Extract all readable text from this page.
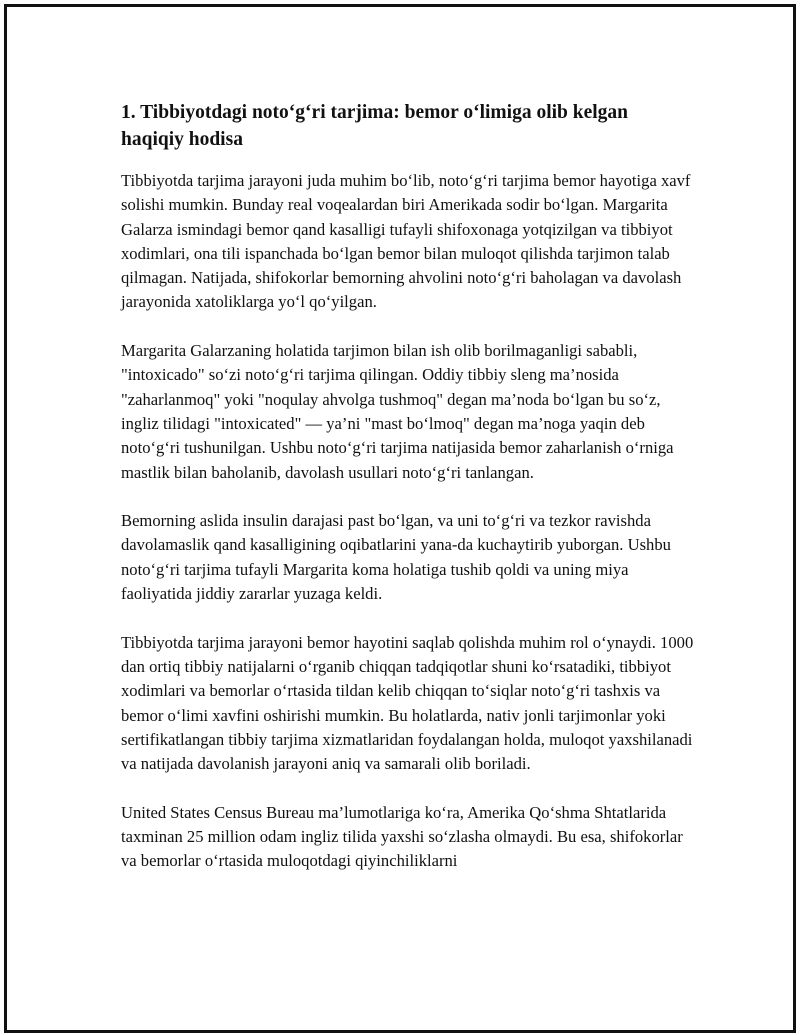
1. Tibbiyotdagi noto‘g‘ri tarjima: bemor o‘limiga olib kelgan haqiqiy hodisa

Tibbiyotda tarjima jarayoni juda muhim bo‘lib, noto‘g‘ri tarjima bemor hayotiga xavf solishi mumkin. Bunday real voqealardan biri Amerikada sodir bo‘lgan. Margarita Galarza ismindagi bemor qand kasalligi tufayli shifoxonaga yotqizilgan va tibbiyot xodimlari, ona tili ispanchada bo‘lgan bemor bilan muloqot qilishda tarjimon talab qilmagan. Natijada, shifokorlar bemorning ahvolini noto‘g‘ri baholagan va davolash jarayonida xatoliklarga yo‘l qo‘yilgan.

Margarita Galarzaning holatida tarjimon bilan ish olib borilmaganligi sababli, "intoxicado" so‘zi noto‘g‘ri tarjima qilingan. Oddiy tibbiy sleng ma’nosida "zaharlanmoq" yoki "noqulay ahvolga tushmoq" degan ma’noda bo‘lgan bu so‘z, ingliz tilidagi "intoxicated" — ya’ni "mast bo‘lmoq" degan ma’noga yaqin deb noto‘g‘ri tushunilgan. Ushbu noto‘g‘ri tarjima natijasida bemor zaharlanish o‘rniga mastlik bilan baholanib, davolash usullari noto‘g‘ri tanlangan.

Bemorning aslida insulin darajasi past bo‘lgan, va uni to‘g‘ri va tezkor ravishda davolamaslik qand kasalligining oqibatlarini yana-da kuchaytirib yuborgan. Ushbu noto‘g‘ri tarjima tufayli Margarita koma holatiga tushib qoldi va uning miya faoliyatida jiddiy zararlar yuzaga keldi.

Tibbiyotda tarjima jarayoni bemor hayotini saqlab qolishda muhim rol o‘ynaydi. 1000 dan ortiq tibbiy natijalarni o‘rganib chiqqan tadqiqotlar shuni ko‘rsatadiki, tibbiyot xodimlari va bemorlar o‘rtasida tildan kelib chiqqan to‘siqlar noto‘g‘ri tashxis va bemor o‘limi xavfini oshirishi mumkin. Bu holatlarda, nativ jonli tarjimonlar yoki sertifikatlangan tibbiy tarjima xizmatlaridan foydalangan holda, muloqot yaxshilanadi va natijada davolanish jarayoni aniq va samarali olib boriladi.

United States Census Bureau ma’lumotlariga ko‘ra, Amerika Qo‘shma Shtatlarida taxminan 25 million odam ingliz tilida yaxshi so‘zlasha olmaydi. Bu esa, shifokorlar va bemorlar o‘rtasida muloqotdagi qiyinchiliklarni
